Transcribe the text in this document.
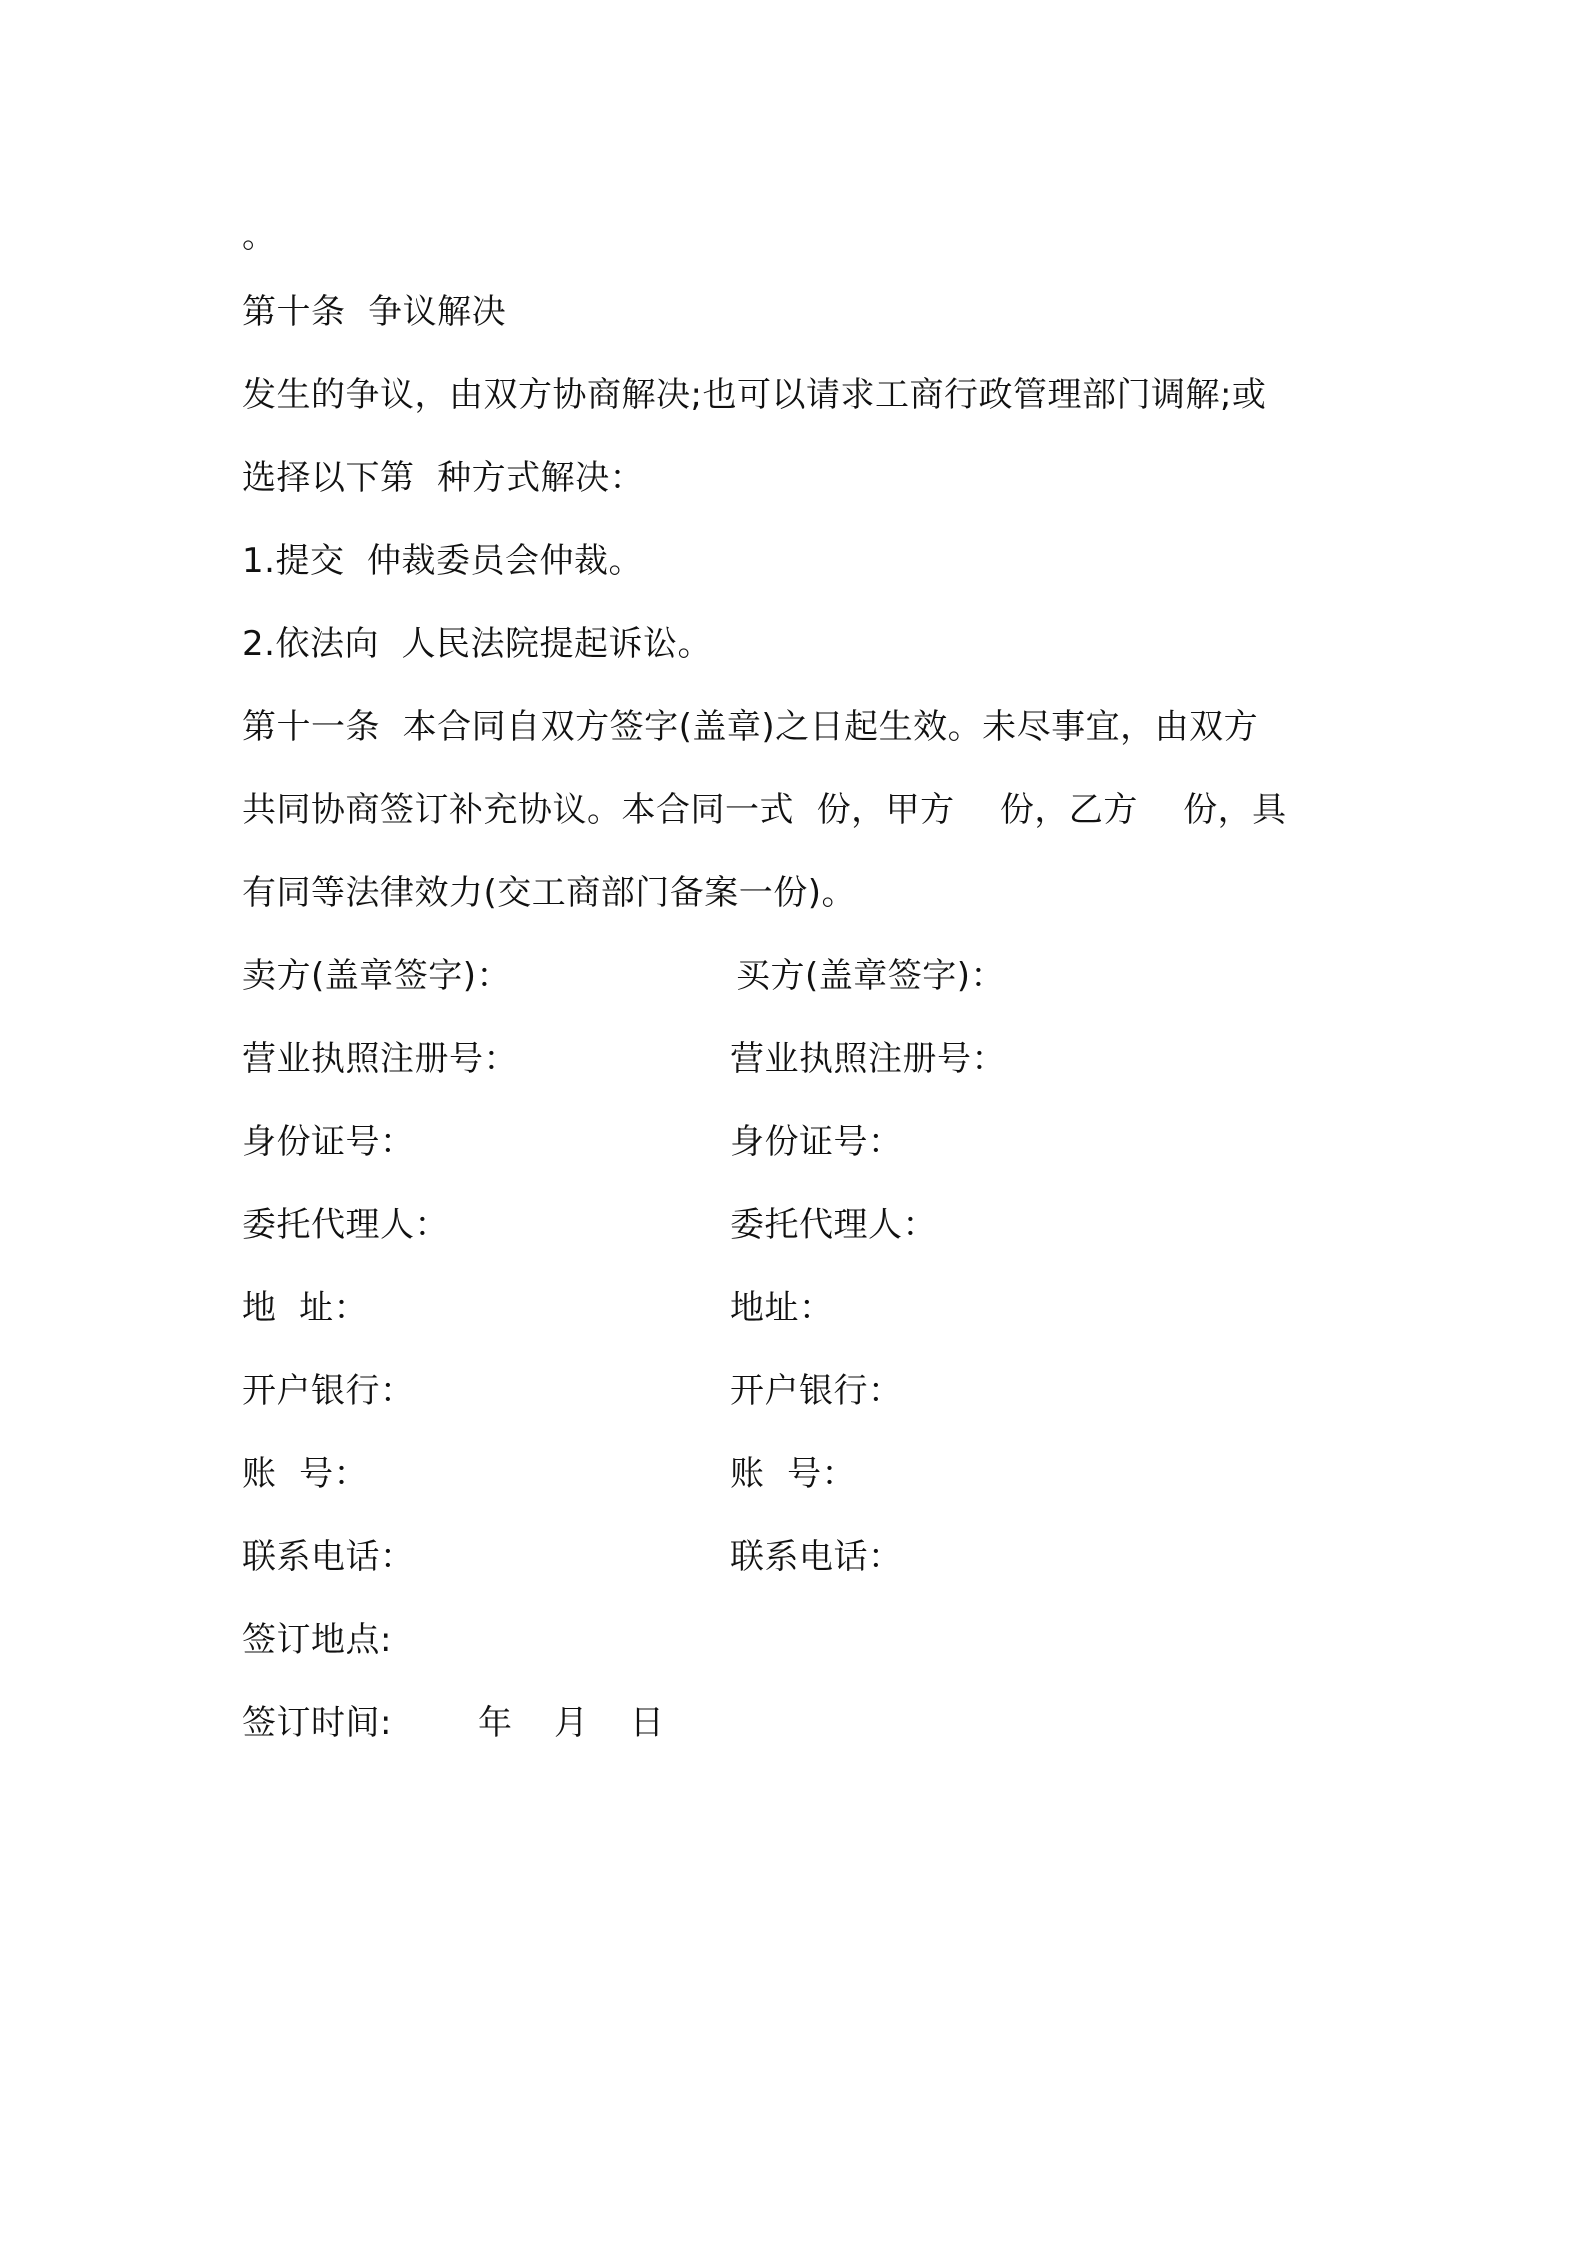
。
第十条  争议解决
发生的争议，由双方协商解决;也可以请求工商行政管理部门调解;或
选择以下第  种方式解决：
1.提交  仲裁委员会仲裁。
2.依法向  人民法院提起诉讼。
第十一条  本合同自双方签字(盖章)之日起生效。未尽事宜，由双方
共同协商签订补充协议。本合同一式  份，甲方    份，乙方    份，具
有同等法律效力(交工商部门备案一份)。
卖方(盖章签字)：	买方(盖章签字)：
营业执照注册号：	营业执照注册号：
身份证号：	身份证号：
委托代理人：	委托代理人：
地  址：	地址：
开户银行：	开户银行：
账  号：	账  号：
联系电话：	联系电话：
签订地点:
签订时间:	年 月 日
